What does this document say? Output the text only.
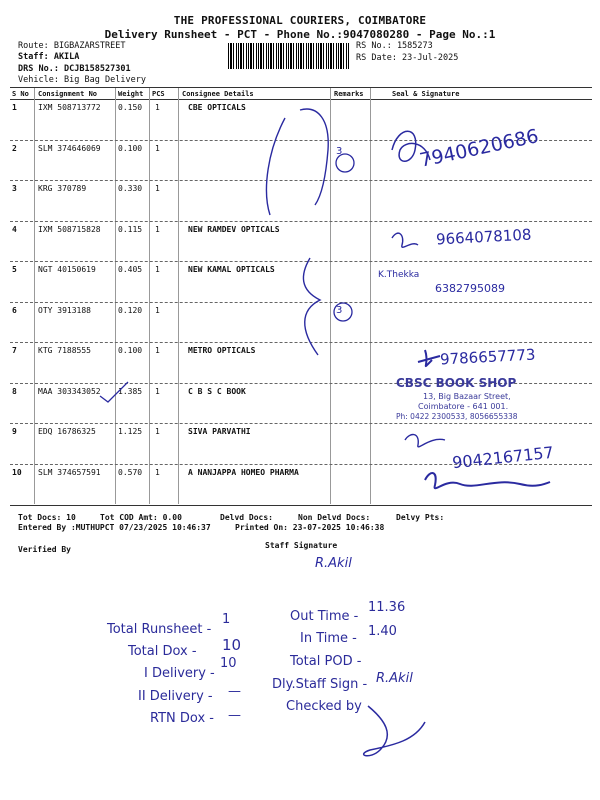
THE PROFESSIONAL COURIERS, COIMBATORE
Delivery Runsheet - PCT - Phone No.:9047080280 - Page No.:1
Route: BIGBAZARSTREET
Staff: AKILA
DRS No.: DCJB158527301
Vehicle: Big Bag Delivery
RS No.: 1585273
RS Date: 23-Jul-2025
S No Consignment No	Weight PCS Consignee Details	Remarks	Seal & Signature
1	IXM 508713772 0.150 1	CBE OPTICALS
2	SLM 374646069 0.100 1
3	KRG 370789	0.330 1
4	IXM 508715828 0.115 1	NEW RAMDEV OPTICALS
5	NGT 40150619	0.405 1	NEW KAMAL OPTICALS
6	OTY 3913188	0.120 1
7	KTG 7188555	0.100 1	METRO OPTICALS
8	MAA 303343052 1.385 1	C B S C BOOK
9	EDQ 16786325	1.125 1	SIVA PARVATHI
10 SLM 374657591 0.570 1	A NANJAPPA HOMEO PHARMA
Tot Docs: 10	Tot COD Amt: 0.00	Delvd Docs:	Non Delvd Docs:	Delvy Pts:
Entered By :MUTHUPCT 07/23/2025 10:46:37	Printed On: 23-07-2025 10:46:38
Verified By	Staff Signature
R.Akil
3
3
7940620686
9664078108
K.Thekka
6382795089
9786657773
9042167157
CBSC BOOK SHOP
13, Big Bazaar Street,
Coimbatore - 641 001.
Ph: 0422 2300533, 8056655338
Total Runsheet -
1
Total Dox - 10
I Delivery -
10
II Delivery - —
RTN Dox - —
Out Time -
11.36
In Time - 1.40
Total POD -
Dly.Staff Sign - R.Akil
Checked by
